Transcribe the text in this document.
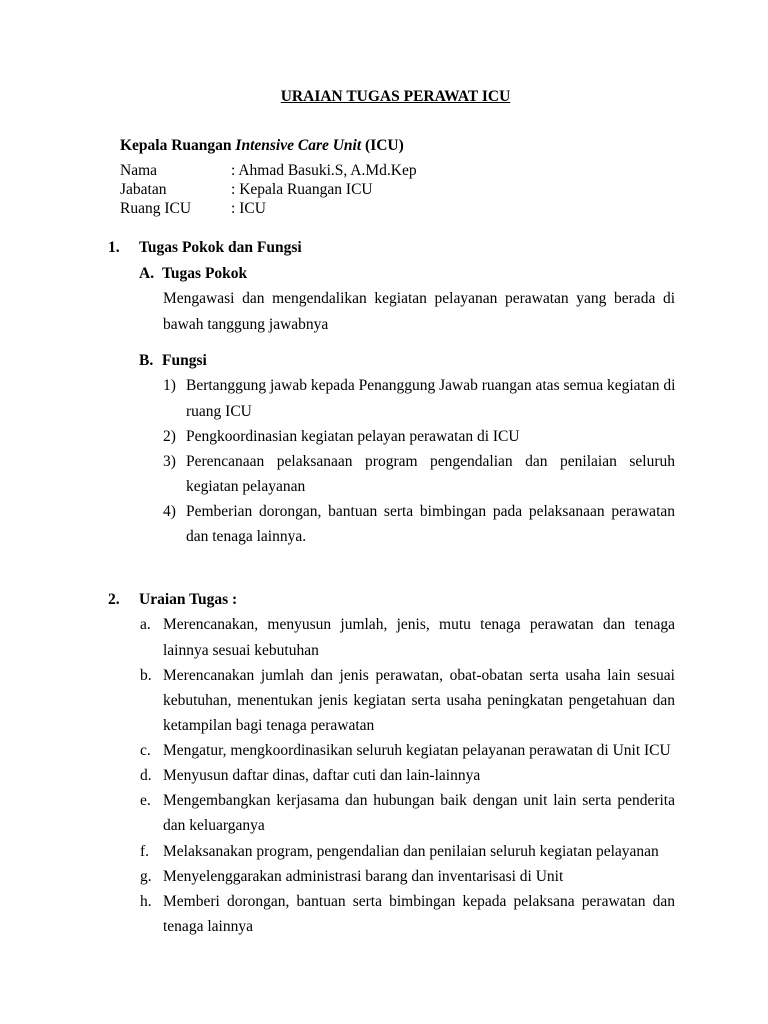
URAIAN TUGAS PERAWAT ICU
Kepala Ruangan Intensive Care Unit (ICU)
Nama	: Ahmad Basuki.S, A.Md.Kep
Jabatan	: Kepala Ruangan ICU
Ruang ICU	: ICU
1. Tugas Pokok dan Fungsi
A. Tugas Pokok
Mengawasi dan mengendalikan kegiatan pelayanan perawatan yang berada di
bawah tanggung jawabnya
B. Fungsi
1) Bertanggung jawab kepada Penanggung Jawab ruangan atas semua kegiatan di
ruang ICU
2) Pengkoordinasian kegiatan pelayan perawatan di ICU
3) Perencanaan pelaksanaan program pengendalian dan penilaian seluruh
kegiatan pelayanan
4) Pemberian dorongan, bantuan serta bimbingan pada pelaksanaan perawatan
dan tenaga lainnya.
2. Uraian Tugas :
a. Merencanakan, menyusun jumlah, jenis, mutu tenaga perawatan dan tenaga
lainnya sesuai kebutuhan
b. Merencanakan jumlah dan jenis perawatan, obat-obatan serta usaha lain sesuai
kebutuhan, menentukan jenis kegiatan serta usaha peningkatan pengetahuan dan
ketampilan bagi tenaga perawatan
c. Mengatur, mengkoordinasikan seluruh kegiatan pelayanan perawatan di Unit ICU
d. Menyusun daftar dinas, daftar cuti dan lain-lainnya
e. Mengembangkan kerjasama dan hubungan baik dengan unit lain serta penderita
dan keluarganya
f. Melaksanakan program, pengendalian dan penilaian seluruh kegiatan pelayanan
g. Menyelenggarakan administrasi barang dan inventarisasi di Unit
h. Memberi dorongan, bantuan serta bimbingan kepada pelaksana perawatan dan
tenaga lainnya
